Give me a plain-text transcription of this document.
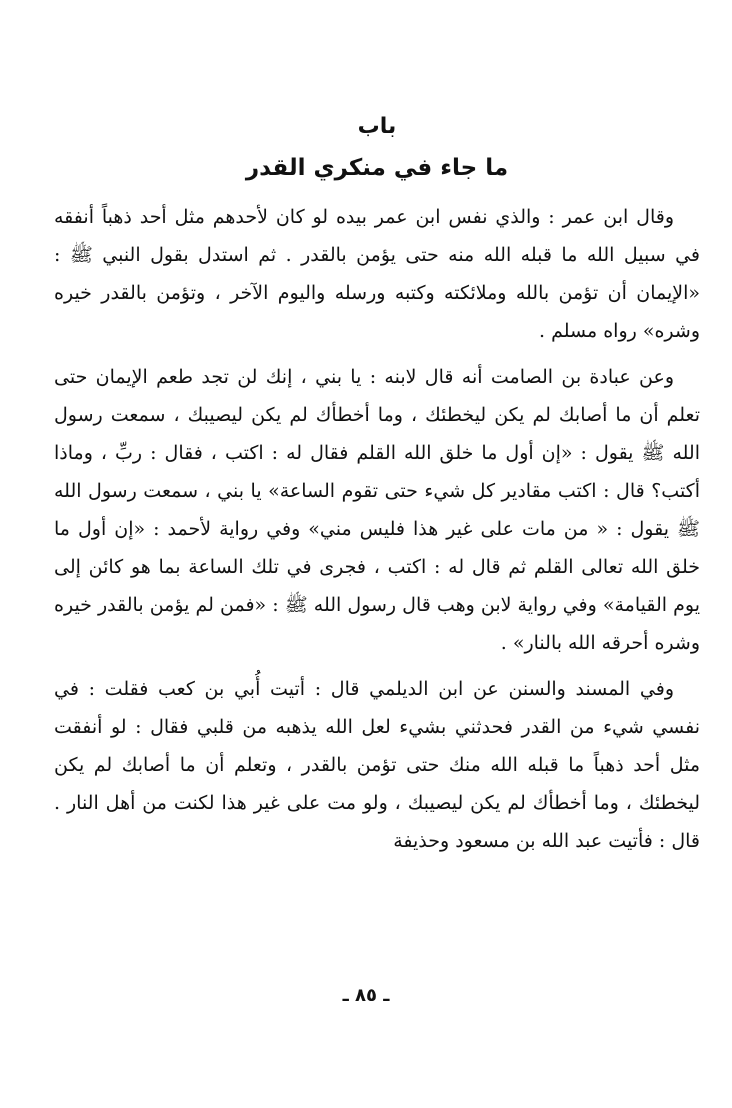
باب
ما جاء في منكري القدر

وقال ابن عمر : والذي نفس ابن عمر بيده لو كان لأحدهم مثل أحد ذهباً أنفقه في سبيل الله ما قبله الله منه حتى يؤمن بالقدر . ثم استدل بقول النبي ﷺ : «الإيمان أن تؤمن بالله وملائكته وكتبه ورسله واليوم الآخر ، وتؤمن بالقدر خيره وشره» رواه مسلم .

وعن عبادة بن الصامت أنه قال لابنه : يا بني ، إنك لن تجد طعم الإيمان حتى تعلم أن ما أصابك لم يكن ليخطئك ، وما أخطأك لم يكن ليصيبك ، سمعت رسول الله ﷺ يقول : «إن أول ما خلق الله القلم فقال له : اكتب ، فقال : ربِّ ، وماذا أكتب؟ قال : اكتب مقادير كل شيء حتى تقوم الساعة» يا بني ، سمعت رسول الله ﷺ يقول : « من مات على غير هذا فليس مني» وفي رواية لأحمد : «إن أول ما خلق الله تعالى القلم ثم قال له : اكتب ، فجرى في تلك الساعة بما هو كائن إلى يوم القيامة» وفي رواية لابن وهب قال رسول الله ﷺ : «فمن لم يؤمن بالقدر خيره وشره أحرقه الله بالنار» .

وفي المسند والسنن عن ابن الديلمي قال : أتيت أُبي بن كعب فقلت : في نفسي شيء من القدر فحدثني بشيء لعل الله يذهبه من قلبي فقال : لو أنفقت مثل أحد ذهباً ما قبله الله منك حتى تؤمن بالقدر ، وتعلم أن ما أصابك لم يكن ليخطئك ، وما أخطأك لم يكن ليصيبك ، ولو مت على غير هذا لكنت من أهل النار . قال : فأتيت عبد الله بن مسعود وحذيفة

ـ ٨٥ ـ
